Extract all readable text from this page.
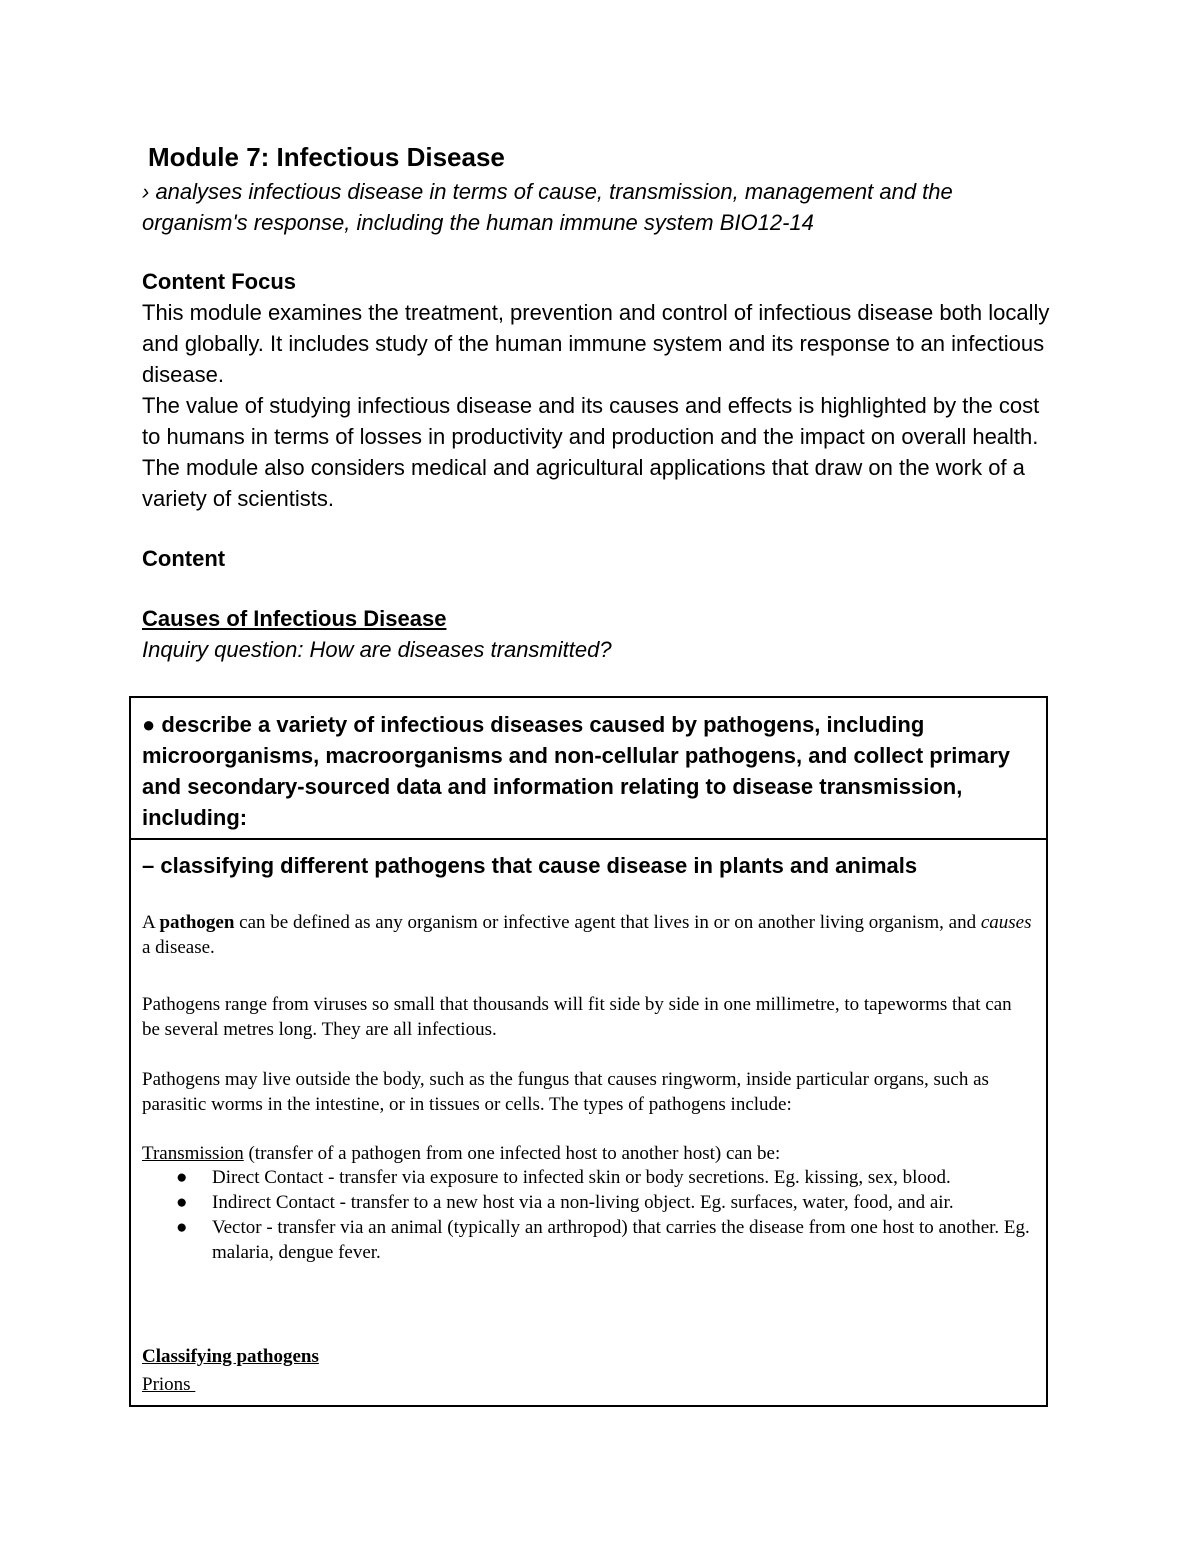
Module 7: Infectious Disease
› analyses infectious disease in terms of cause, transmission, management and the organism's response, including the human immune system BIO12-14
Content Focus
This module examines the treatment, prevention and control of infectious disease both locally and globally. It includes study of the human immune system and its response to an infectious disease.
The value of studying infectious disease and its causes and effects is highlighted by the cost to humans in terms of losses in productivity and production and the impact on overall health. The module also considers medical and agricultural applications that draw on the work of a variety of scientists.
Content
Causes of Infectious Disease
Inquiry question: How are diseases transmitted?
● describe a variety of infectious diseases caused by pathogens, including microorganisms, macroorganisms and non-cellular pathogens, and collect primary and secondary-sourced data and information relating to disease transmission, including:
– classifying different pathogens that cause disease in plants and animals
A pathogen can be defined as any organism or infective agent that lives in or on another living organism, and causes a disease.
Pathogens range from viruses so small that thousands will fit side by side in one millimetre, to tapeworms that can be several metres long. They are all infectious.
Pathogens may live outside the body, such as the fungus that causes ringworm, inside particular organs, such as parasitic worms in the intestine, or in tissues or cells. The types of pathogens include:
Transmission (transfer of a pathogen from one infected host to another host) can be:
● Direct Contact - transfer via exposure to infected skin or body secretions. Eg. kissing, sex, blood.
● Indirect Contact - transfer to a new host via a non-living object. Eg. surfaces, water, food, and air.
● Vector - transfer via an animal (typically an arthropod) that carries the disease from one host to another. Eg. malaria, dengue fever.
Classifying pathogens
Prions
